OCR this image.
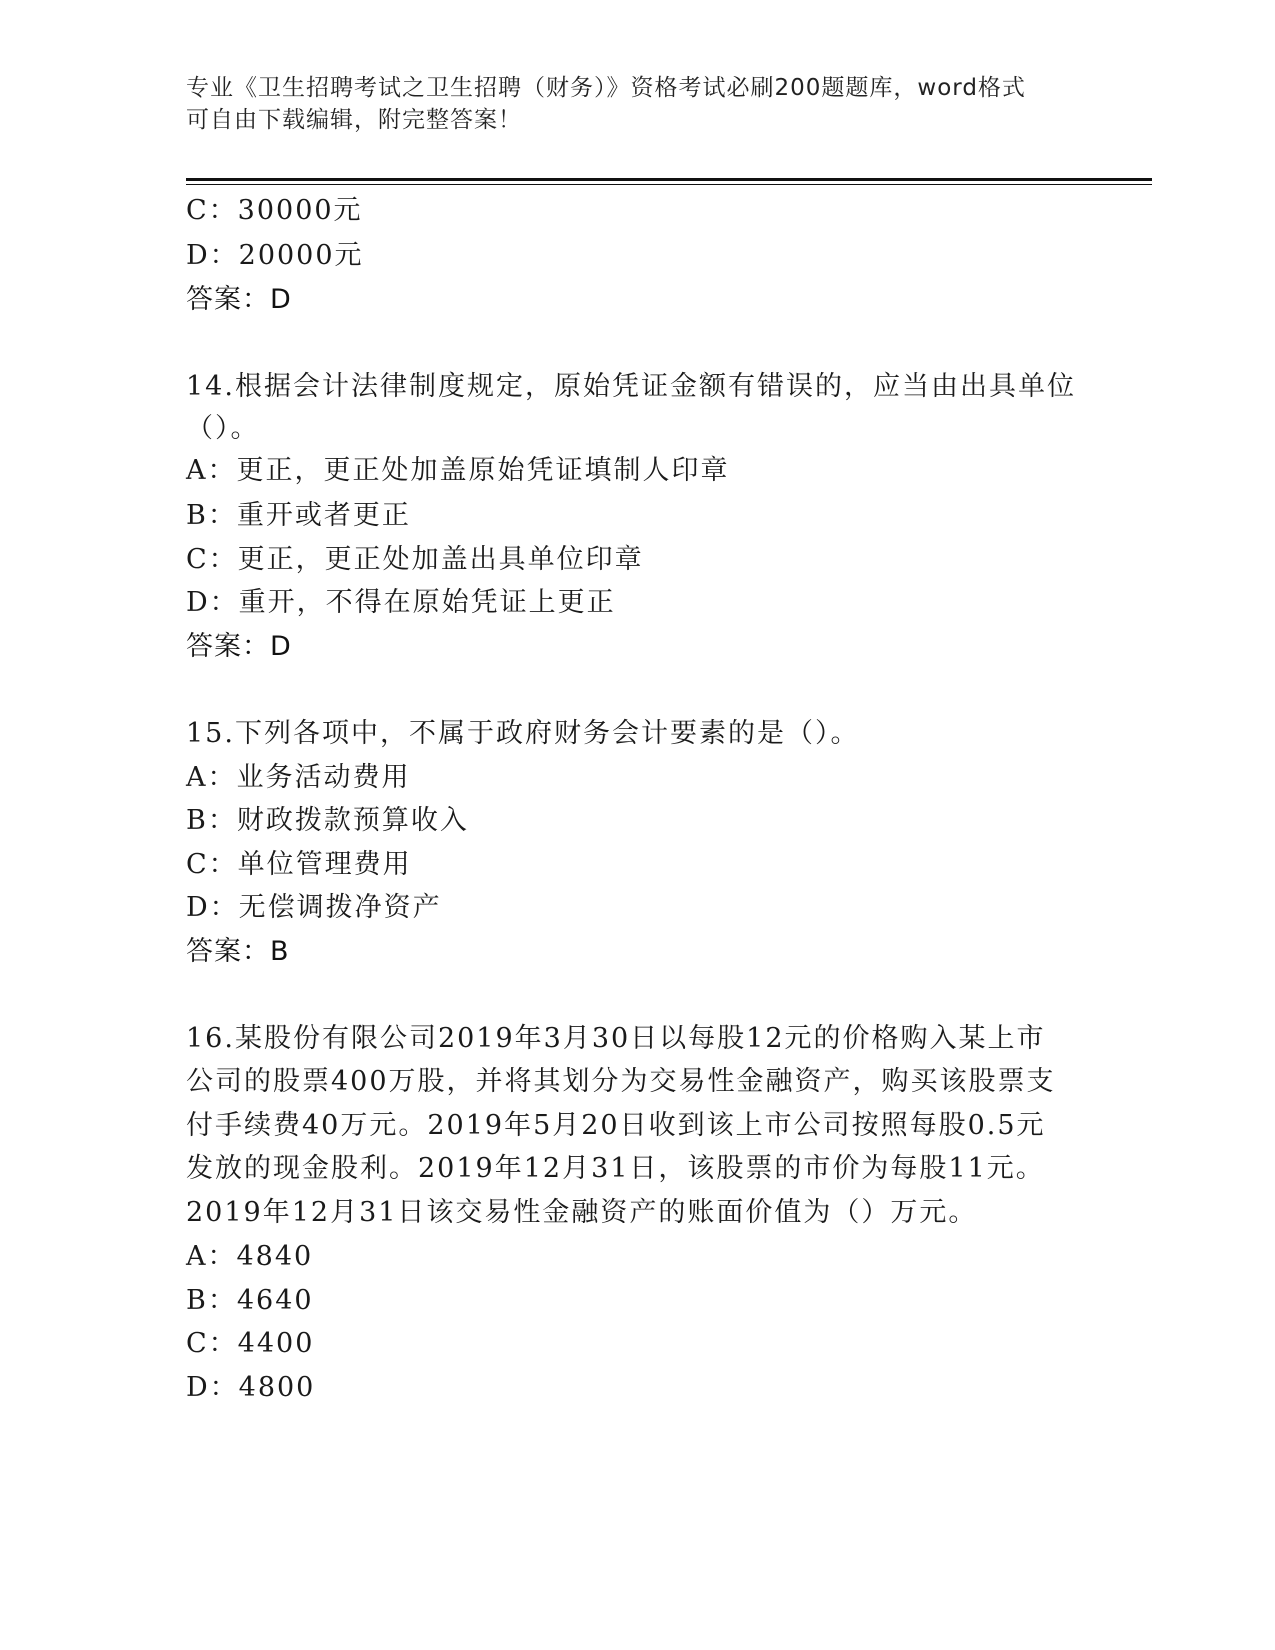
专业《卫生招聘考试之卫生招聘（财务）》资格考试必刷200题题库，word格式
可自由下载编辑，附完整答案！
C：30000元
D：20000元
答案：D
14.根据会计法律制度规定，原始凭证金额有错误的，应当由出具单位
（）。
A：更正，更正处加盖原始凭证填制人印章
B：重开或者更正
C：更正，更正处加盖出具单位印章
D：重开，不得在原始凭证上更正
答案：D
15.下列各项中，不属于政府财务会计要素的是（）。
A：业务活动费用
B：财政拨款预算收入
C：单位管理费用
D：无偿调拨净资产
答案：B
16.某股份有限公司2019年3月30日以每股12元的价格购入某上市
公司的股票400万股，并将其划分为交易性金融资产，购买该股票支
付手续费40万元。2019年5月20日收到该上市公司按照每股0.5元
发放的现金股利。2019年12月31日，该股票的市价为每股11元。
2019年12月31日该交易性金融资产的账面价值为（）万元。
A：4840
B：4640
C：4400
D：4800
